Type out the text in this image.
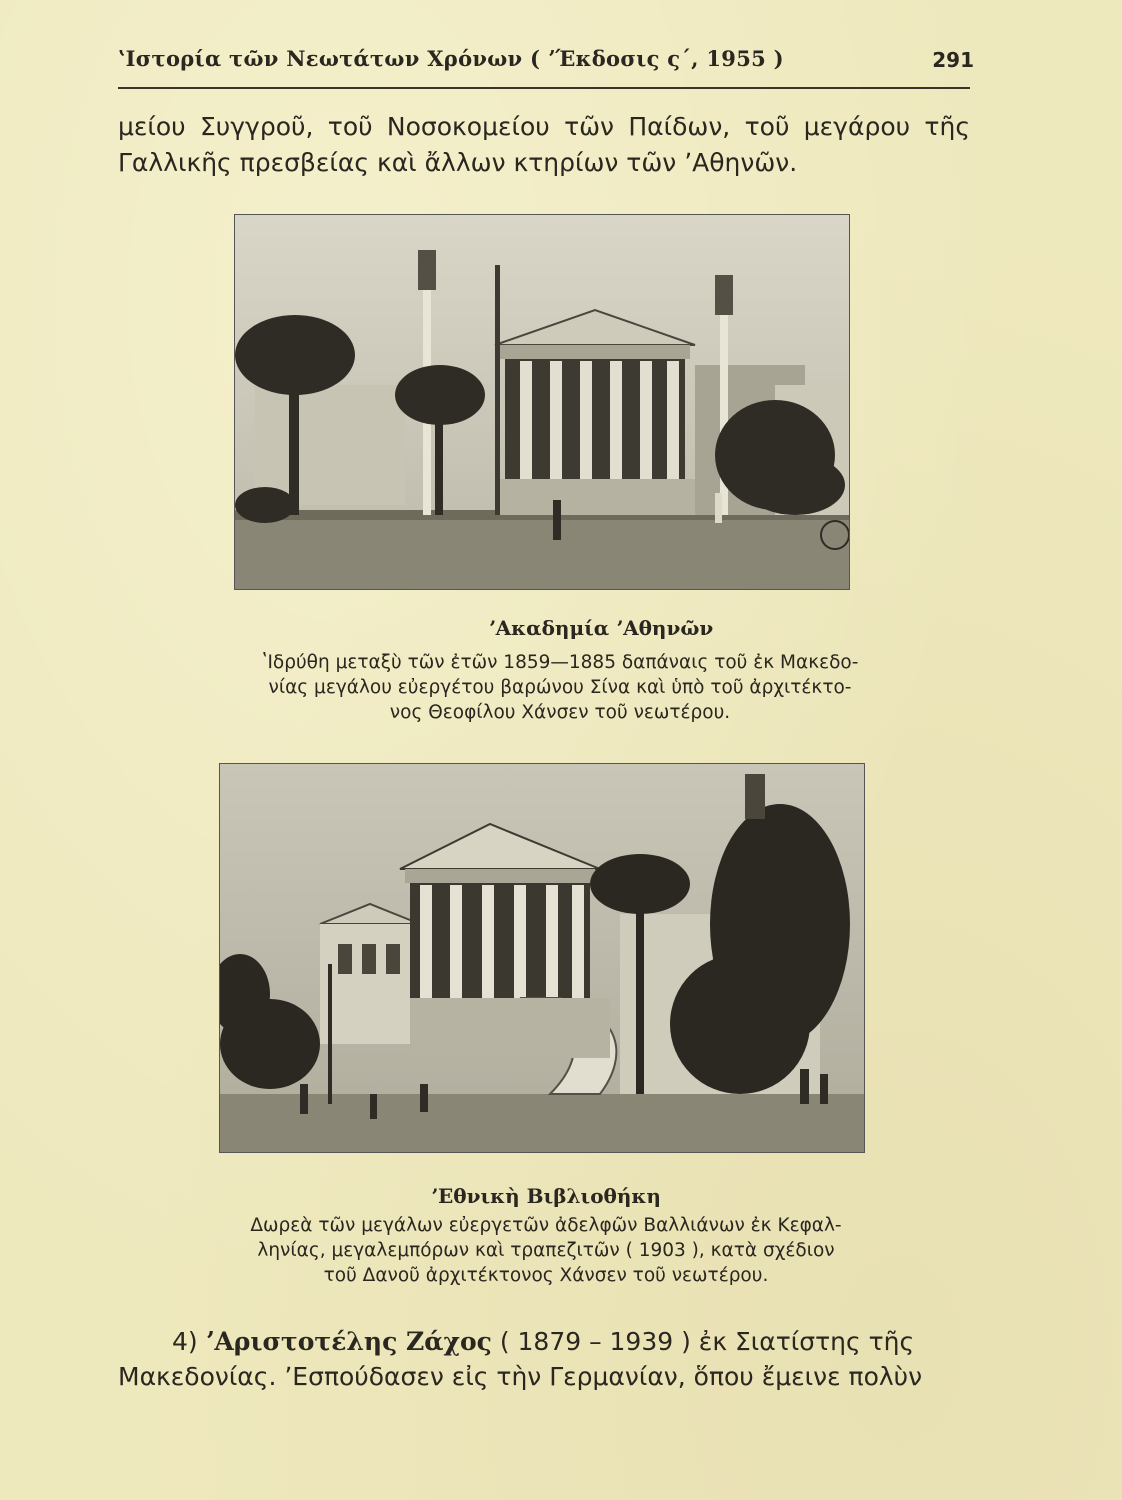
ʽΙστορία τῶν Νεωτάτων Χρόνων ( ʼΈκδοσις ς΄, 1955 )	291
μείου Συγγροῦ, τοῦ Νοσοκομείου τῶν Παίδων, τοῦ μεγάρου τῆς
Γαλλικῆς πρεσβείας καὶ ἄλλων κτηρίων τῶν ʼΑθηνῶν.
ʼΑκαδημία ʼΑθηνῶν
ʽΙδρύθη μεταξὺ τῶν ἐτῶν 1859—1885 δαπάναις τοῦ ἐκ Μακεδο-
νίας μεγάλου εὐεργέτου βαρώνου Σίνα καὶ ὑπὸ τοῦ ἀρχιτέκτο-
νος Θεοφίλου Χάνσεν τοῦ νεωτέρου.
ʼΕθνικὴ Βιβλιοθήκη
Δωρεὰ τῶν μεγάλων εὐεργετῶν ἀδελφῶν Βαλλιάνων ἐκ Κεφαλ-
ληνίας, μεγαλεμπόρων καὶ τραπεζιτῶν ( 1903 ), κατὰ σχέδιον
τοῦ Δανοῦ ἀρχιτέκτονος Χάνσεν τοῦ νεωτέρου.
4) ʼΑριστοτέλης Ζάχος ( 1879 – 1939 ) ἐκ Σιατίστης τῆς
Μακεδονίας. ʼΕσπούδασεν εἰς τὴν Γερμανίαν, ὅπου ἔμεινε πολὺν
